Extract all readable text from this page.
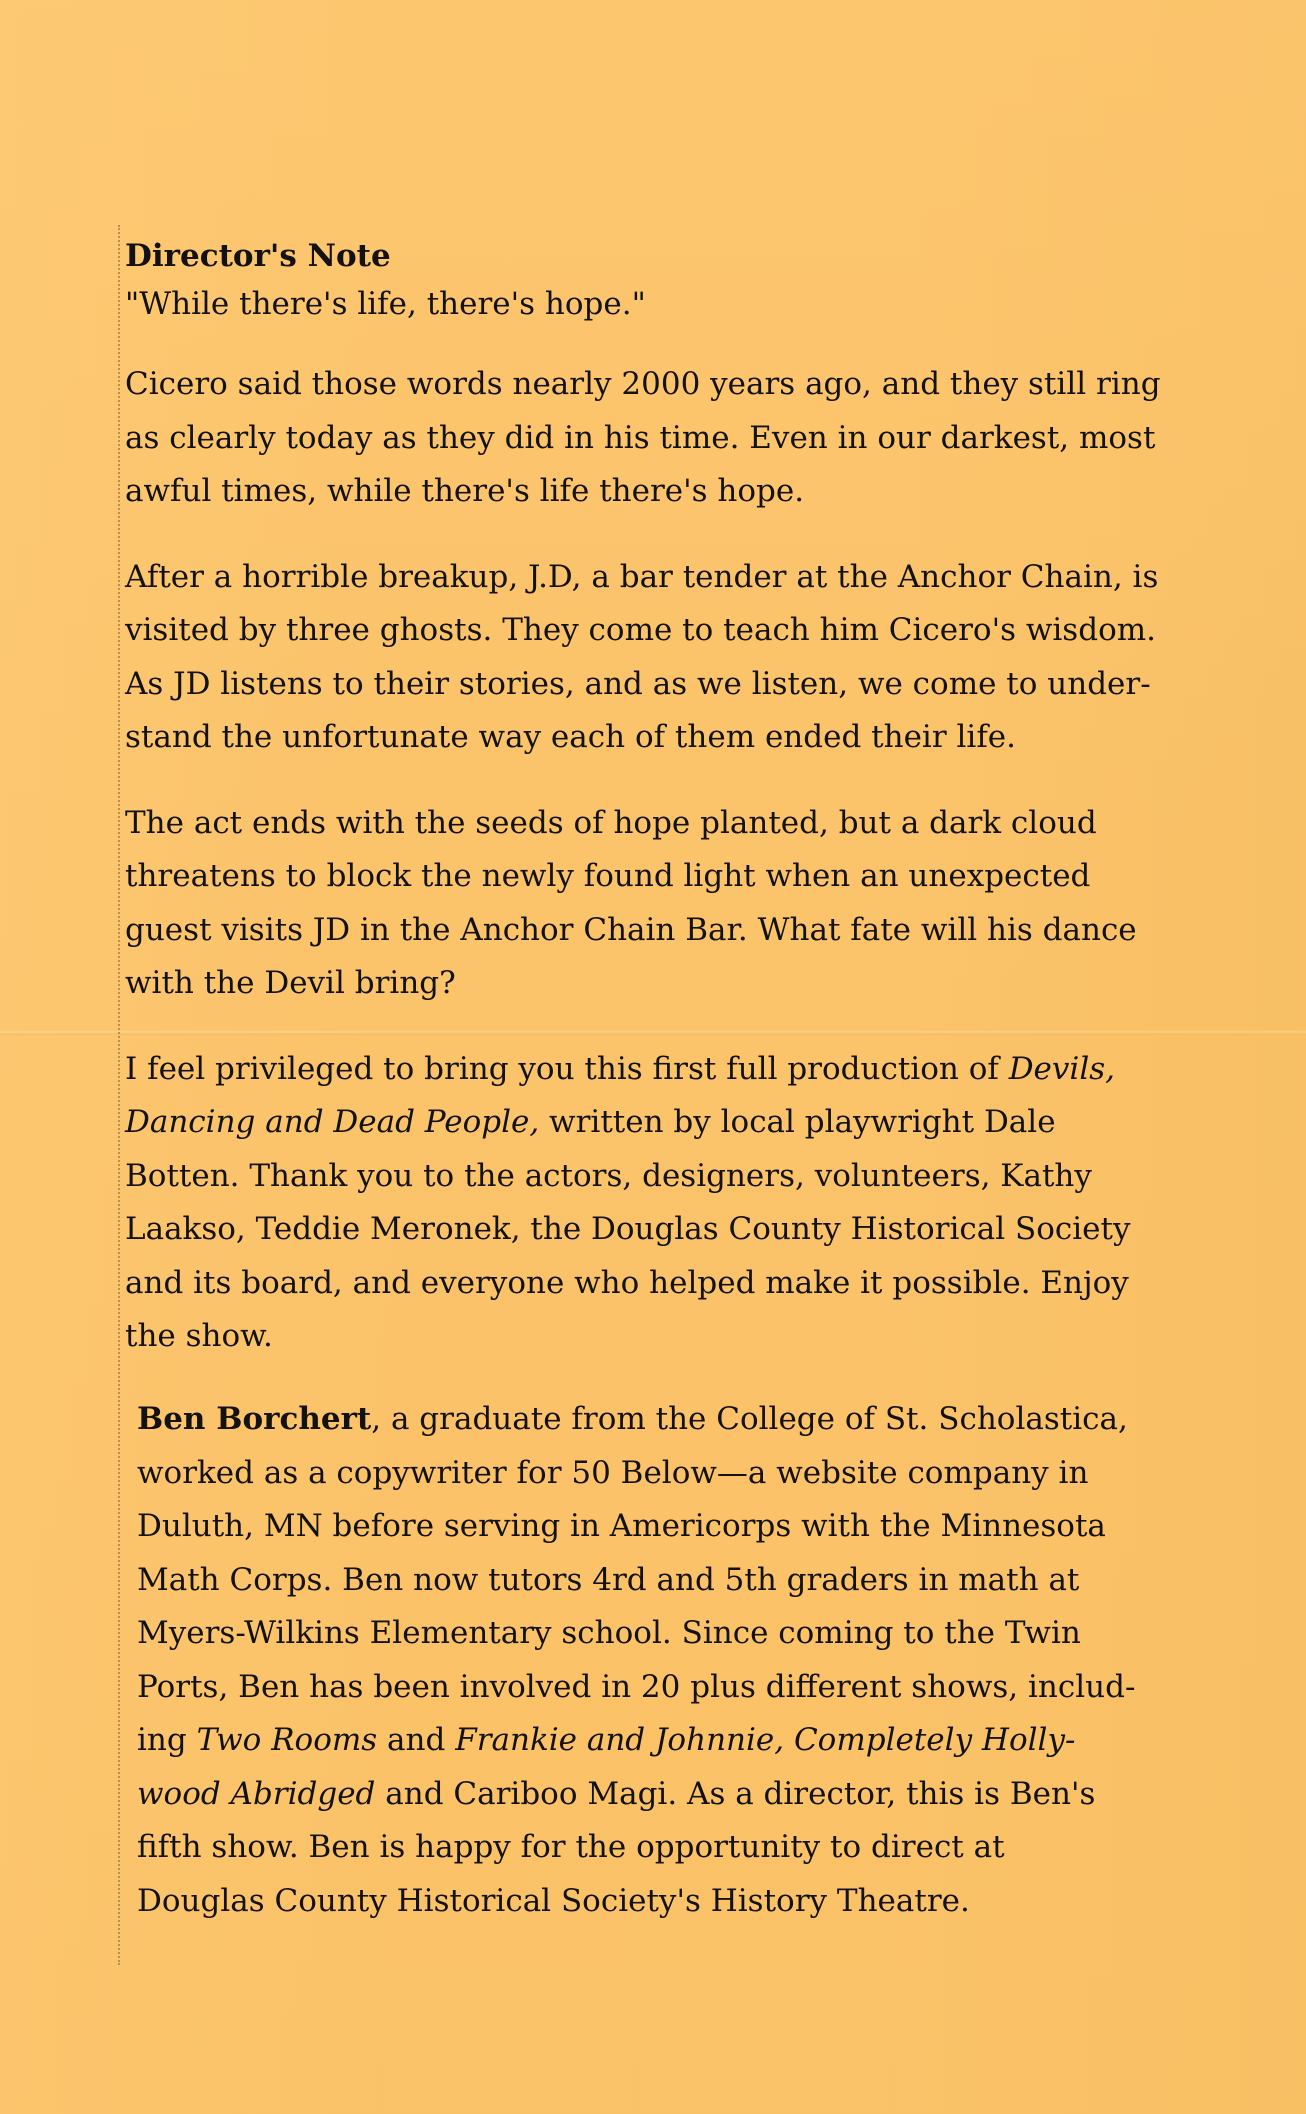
Director's Note
"While there's life, there's hope."

Cicero said those words nearly 2000 years ago, and they still ring as clearly today as they did in his time. Even in our darkest, most awful times, while there's life there's hope.

After a horrible breakup, J.D, a bar tender at the Anchor Chain, is visited by three ghosts. They come to teach him Cicero's wisdom. As JD listens to their stories, and as we listen, we come to under-stand the unfortunate way each of them ended their life.

The act ends with the seeds of hope planted, but a dark cloud threatens to block the newly found light when an unexpected guest visits JD in the Anchor Chain Bar. What fate will his dance with the Devil bring?

I feel privileged to bring you this first full production of Devils, Dancing and Dead People, written by local playwright Dale Botten. Thank you to the actors, designers, volunteers, Kathy Laakso, Teddie Meronek, the Douglas County Historical Society and its board, and everyone who helped make it possible. Enjoy the show.

Ben Borchert, a graduate from the College of St. Scholastica, worked as a copywriter for 50 Below—a website company in Duluth, MN before serving in Americorps with the Minnesota Math Corps. Ben now tutors 4rd and 5th graders in math at Myers-Wilkins Elementary school. Since coming to the Twin Ports, Ben has been involved in 20 plus different shows, includ-ing Two Rooms and Frankie and Johnnie, Completely Holly-wood Abridged and Cariboo Magi. As a director, this is Ben's fifth show. Ben is happy for the opportunity to direct at Douglas County Historical Society's History Theatre.
